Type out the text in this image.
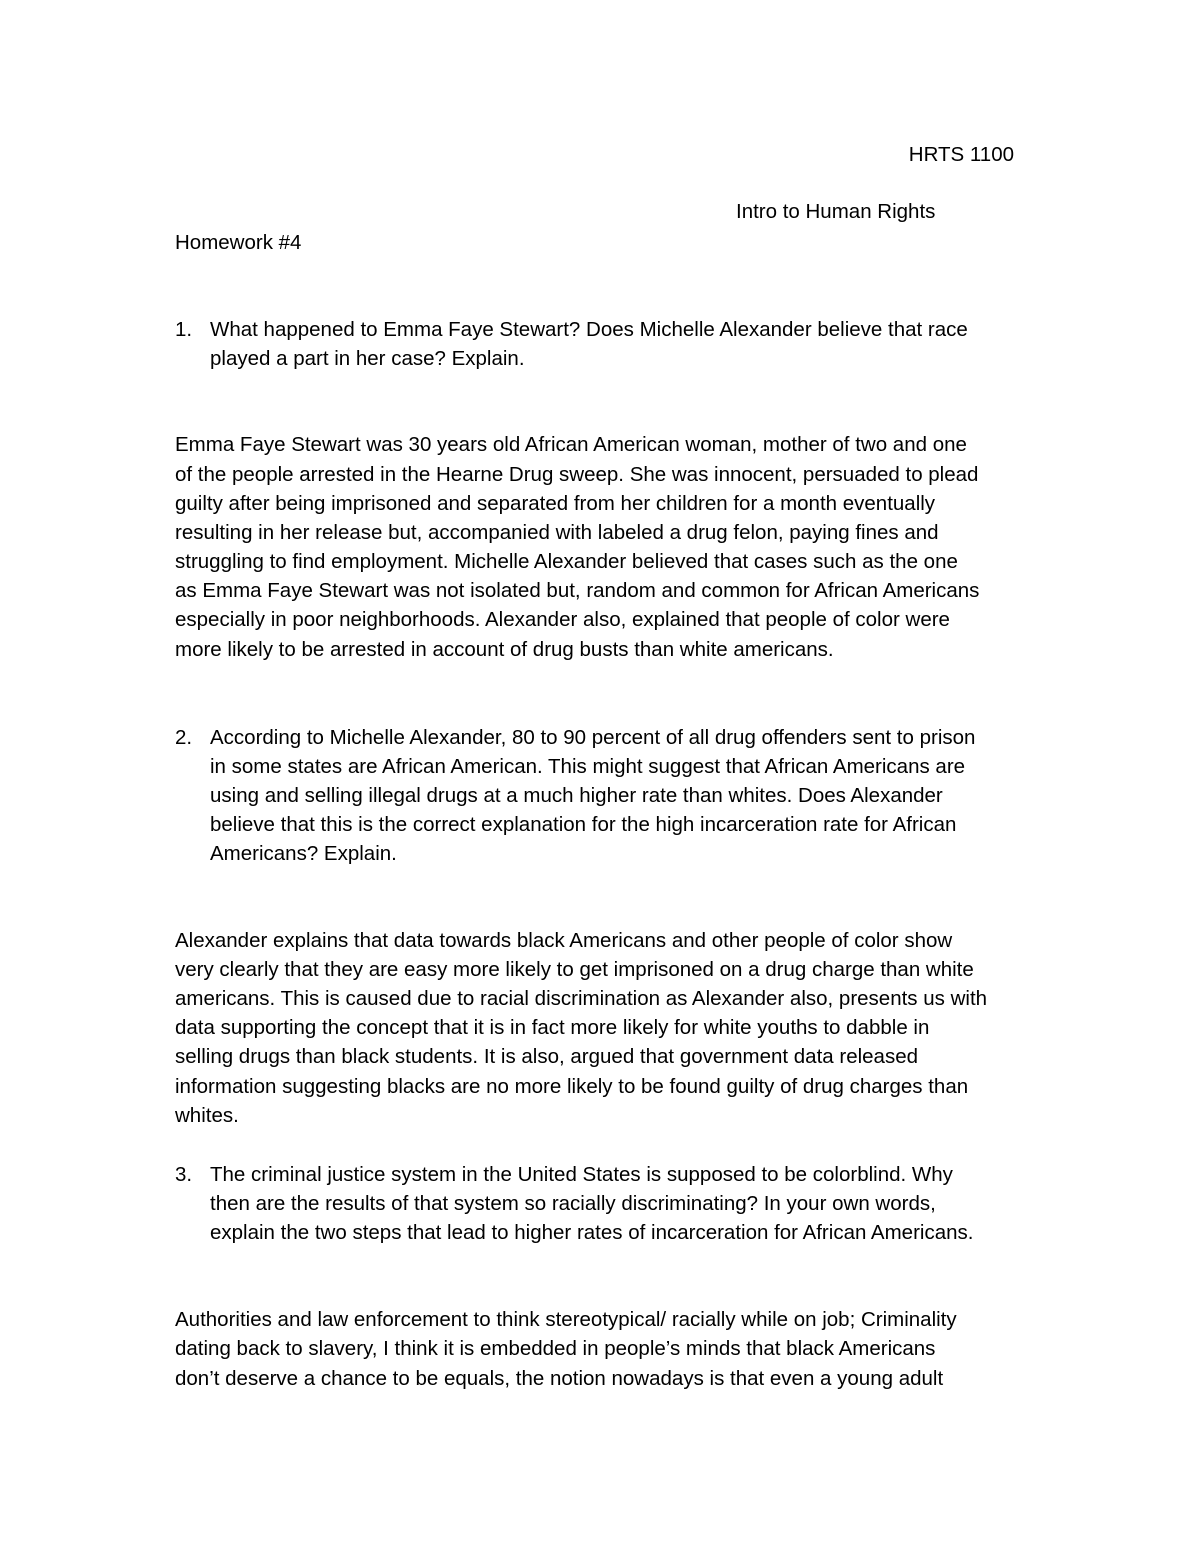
HRTS 1100
Intro to Human Rights
Homework #4
1. What happened to Emma Faye Stewart? Does Michelle Alexander believe that race
played a part in her case? Explain.
Emma Faye Stewart was 30 years old African American woman, mother of two and one
of the people arrested in the Hearne Drug sweep. She was innocent, persuaded to plead
guilty after being imprisoned and separated from her children for a month eventually
resulting in her release but, accompanied with labeled a drug felon, paying fines and
struggling to find employment. Michelle Alexander believed that cases such as the one
as Emma Faye Stewart was not isolated but, random and common for African Americans
especially in poor neighborhoods. Alexander also, explained that people of color were
more likely to be arrested in account of drug busts than white americans.
2. According to Michelle Alexander, 80 to 90 percent of all drug offenders sent to prison
in some states are African American. This might suggest that African Americans are
using and selling illegal drugs at a much higher rate than whites. Does Alexander
believe that this is the correct explanation for the high incarceration rate for African
Americans? Explain.
Alexander explains that data towards black Americans and other people of color show
very clearly that they are easy more likely to get imprisoned on a drug charge than white
americans. This is caused due to racial discrimination as Alexander also, presents us with
data supporting the concept that it is in fact more likely for white youths to dabble in
selling drugs than black students. It is also, argued that government data released
information suggesting blacks are no more likely to be found guilty of drug charges than
whites.
3. The criminal justice system in the United States is supposed to be colorblind. Why
then are the results of that system so racially discriminating? In your own words,
explain the two steps that lead to higher rates of incarceration for African Americans.
Authorities and law enforcement to think stereotypical/ racially while on job; Criminality
dating back to slavery, I think it is embedded in people’s minds that black Americans
don’t deserve a chance to be equals, the notion nowadays is that even a young adult
